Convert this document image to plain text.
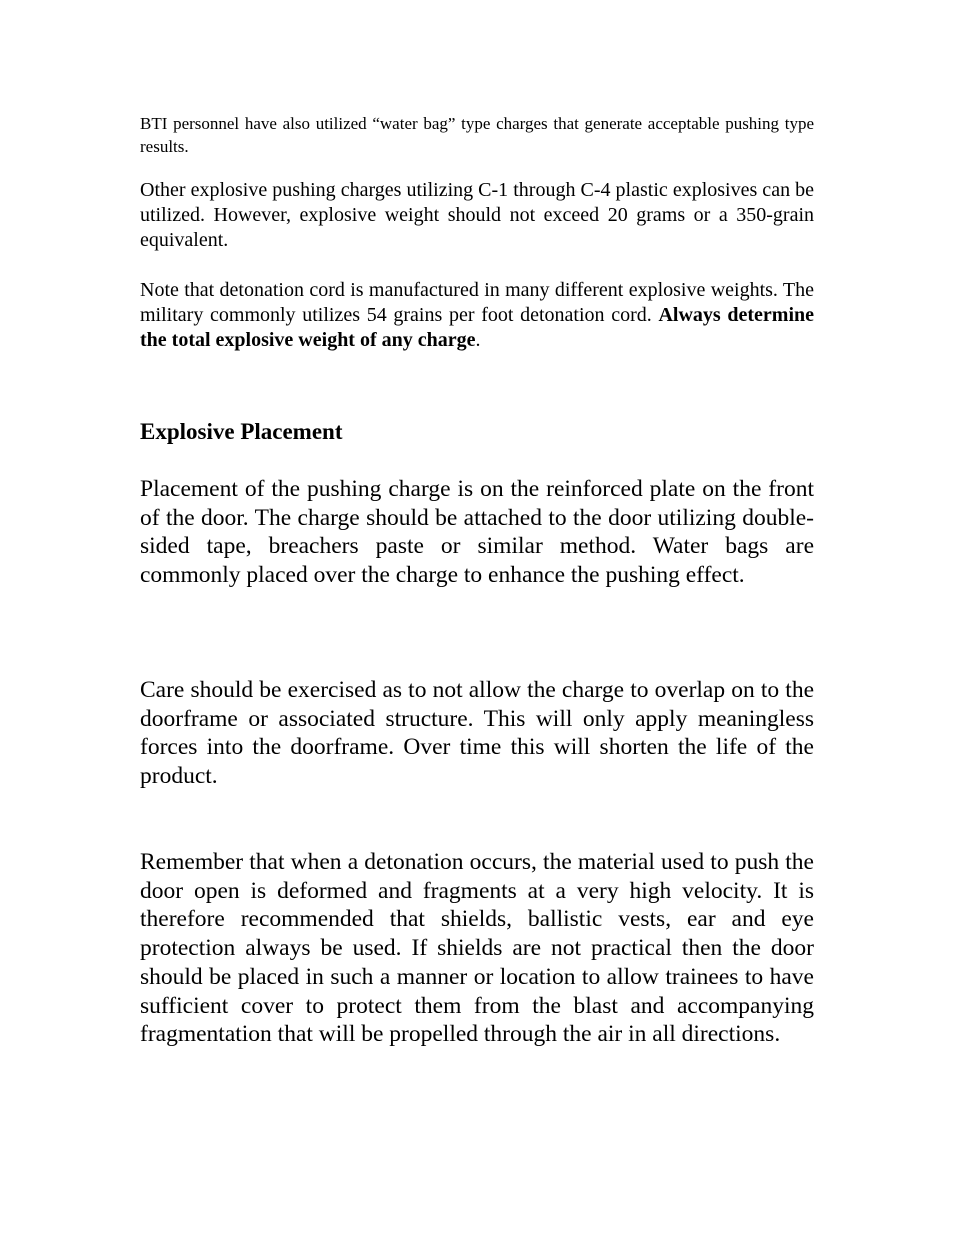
BTI personnel have also utilized “water bag” type charges that generate acceptable pushing type results.

Other explosive pushing charges utilizing C-1 through C-4 plastic explosives can be utilized. However, explosive weight should not exceed 20 grams or a 350-grain equivalent.

Note that detonation cord is manufactured in many different explosive weights. The military commonly utilizes 54 grains per foot detonation cord. Always determine the total explosive weight of any charge.

Explosive Placement

Placement of the pushing charge is on the reinforced plate on the front of the door. The charge should be attached to the door utilizing double-sided tape, breachers paste or similar method. Water bags are commonly placed over the charge to enhance the pushing effect.

Care should be exercised as to not allow the charge to overlap on to the doorframe or associated structure. This will only apply meaningless forces into the doorframe. Over time this will shorten the life of the product.

Remember that when a detonation occurs, the material used to push the door open is deformed and fragments at a very high velocity. It is therefore recommended that shields, ballistic vests, ear and eye protection always be used. If shields are not practical then the door should be placed in such a manner or location to allow trainees to have sufficient cover to protect them from the blast and accompanying fragmentation that will be propelled through the air in all directions.
